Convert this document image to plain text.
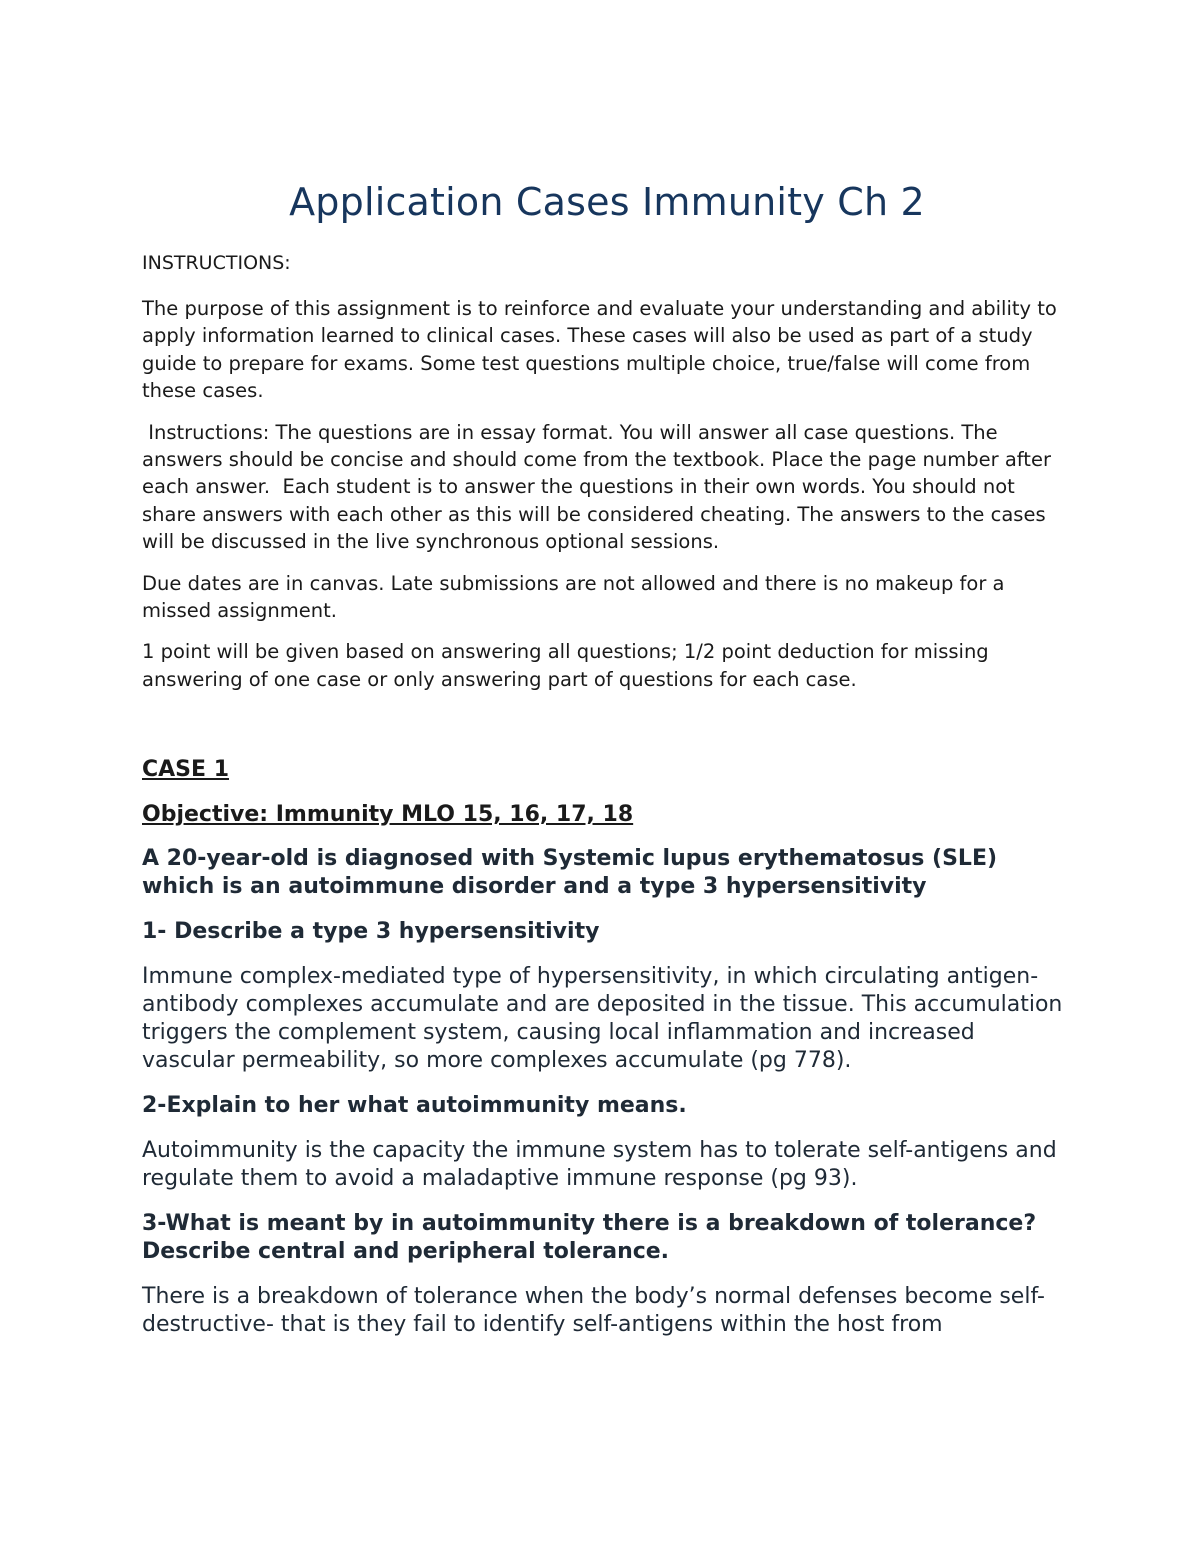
Application Cases Immunity Ch 2
INSTRUCTIONS:

The purpose of this assignment is to reinforce and evaluate your understanding and ability to apply information learned to clinical cases. These cases will also be used as part of a study guide to prepare for exams. Some test questions multiple choice, true/false will come from these cases.

Instructions: The questions are in essay format. You will answer all case questions. The answers should be concise and should come from the textbook. Place the page number after each answer.  Each student is to answer the questions in their own words. You should not share answers with each other as this will be considered cheating. The answers to the cases will be discussed in the live synchronous optional sessions.

Due dates are in canvas. Late submissions are not allowed and there is no makeup for a missed assignment.

1 point will be given based on answering all questions; 1/2 point deduction for missing answering of one case or only answering part of questions for each case.

CASE 1
Objective: Immunity MLO 15, 16, 17, 18
A 20-year-old is diagnosed with Systemic lupus erythematosus (SLE) which is an autoimmune disorder and a type 3 hypersensitivity
1- Describe a type 3 hypersensitivity
Immune complex-mediated type of hypersensitivity, in which circulating antigen-antibody complexes accumulate and are deposited in the tissue. This accumulation triggers the complement system, causing local inflammation and increased vascular permeability, so more complexes accumulate (pg 778).
2-Explain to her what autoimmunity means.
Autoimmunity is the capacity the immune system has to tolerate self-antigens and regulate them to avoid a maladaptive immune response (pg 93).
3-What is meant by in autoimmunity there is a breakdown of tolerance? Describe central and peripheral tolerance.
There is a breakdown of tolerance when the body’s normal defenses become self-destructive- that is they fail to identify self-antigens within the host from
